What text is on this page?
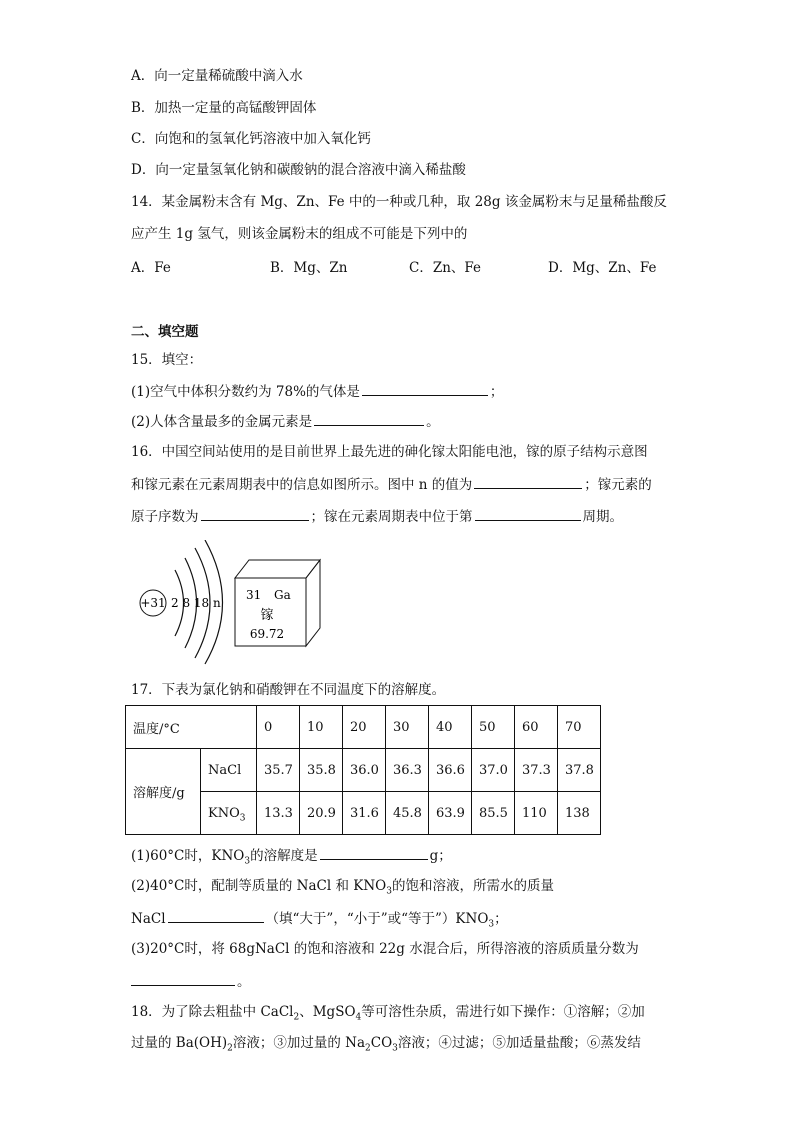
A．向一定量稀硫酸中滴入水
B．加热一定量的高锰酸钾固体
C．向饱和的氢氧化钙溶液中加入氧化钙
D．向一定量氢氧化钠和碳酸钠的混合溶液中滴入稀盐酸
14．某金属粉末含有 Mg、Zn、Fe 中的一种或几种，取 28g 该金属粉末与足量稀盐酸反
应产生 1g 氢气，则该金属粉末的组成不可能是下列中的
A．Fe	B．Mg、Zn	C．Zn、Fe	D．Mg、Zn、Fe
二、填空题
15．填空：
(1)空气中体积分数约为 78%的气体是	；
(2)人体含量最多的金属元素是	。
16．中国空间站使用的是目前世界上最先进的砷化镓太阳能电池，镓的原子结构示意图
和镓元素在元素周期表中的信息如图所示。图中 n 的值为	；镓元素的
原子序数为	；镓在元素周期表中位于第	周期。
+31 2 8 18 n
31 Ga
镓
69.72
17．下表为氯化钠和硝酸钾在不同温度下的溶解度。
温度/°C		0	10	20	30	40	50	60	70
溶解度/g	NaCl	35.7	35.8	36.0	36.3	36.6	37.0	37.3	37.8
	$KNO_3$	13.3	20.9	31.6	45.8	63.9	85.5	110	138
(1)60°C时，$KNO_3$的溶解度是	g；
(2)40°C时，配制等质量的 NaCl 和 $KNO_3$的饱和溶液，所需水的质量
NaCl	（填“大于”，“小于”或“等于$”)KNO_3$；
(3)20°C时，将 68gNaCl 的饱和溶液和 22g 水混合后，所得溶液的溶质质量分数为
。
18．为了除去粗盐中 CaCl$_2$、MgSO$_4$等可溶性杂质，需进行如下操作：①溶解；②加
过量的 $Ba(OH)_2$溶液；③加过量的 $Na_2CO_3$溶液；④过滤；⑤加适量盐酸；⑥蒸发结
